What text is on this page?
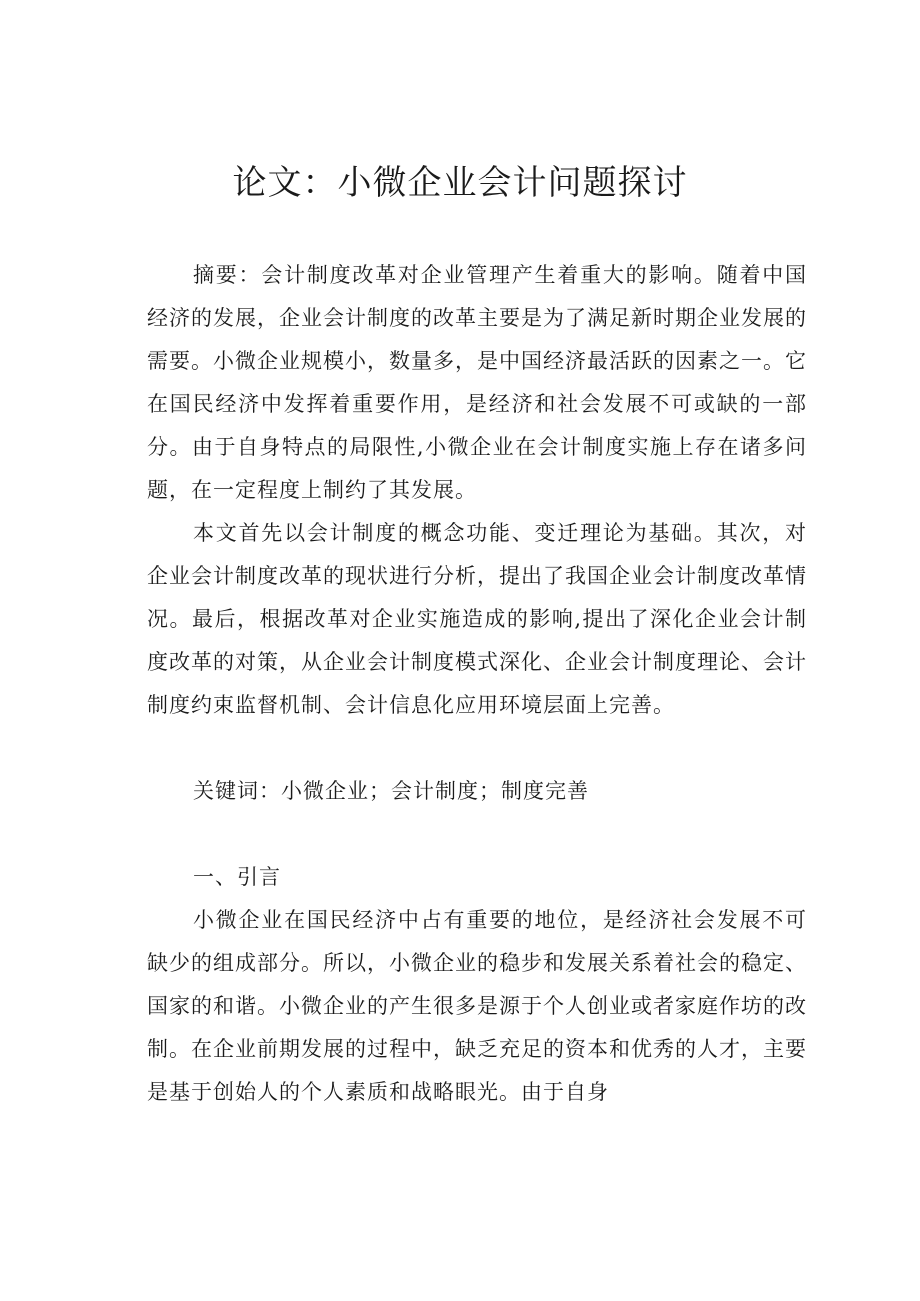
论文：小微企业会计问题探讨

摘要：会计制度改革对企业管理产生着重大的影响。随着中国经济的发展，企业会计制度的改革主要是为了满足新时期企业发展的需要。小微企业规模小，数量多，是中国经济最活跃的因素之一。它在国民经济中发挥着重要作用，是经济和社会发展不可或缺的一部分。由于自身特点的局限性,小微企业在会计制度实施上存在诸多问题，在一定程度上制约了其发展。

本文首先以会计制度的概念功能、变迁理论为基础。其次，对企业会计制度改革的现状进行分析，提出了我国企业会计制度改革情况。最后，根据改革对企业实施造成的影响,提出了深化企业会计制度改革的对策，从企业会计制度模式深化、企业会计制度理论、会计制度约束监督机制、会计信息化应用环境层面上完善。

关键词：小微企业；会计制度；制度完善

一、引言

小微企业在国民经济中占有重要的地位，是经济社会发展不可缺少的组成部分。所以，小微企业的稳步和发展关系着社会的稳定、国家的和谐。小微企业的产生很多是源于个人创业或者家庭作坊的改制。在企业前期发展的过程中，缺乏充足的资本和优秀的人才，主要是基于创始人的个人素质和战略眼光。由于自身
